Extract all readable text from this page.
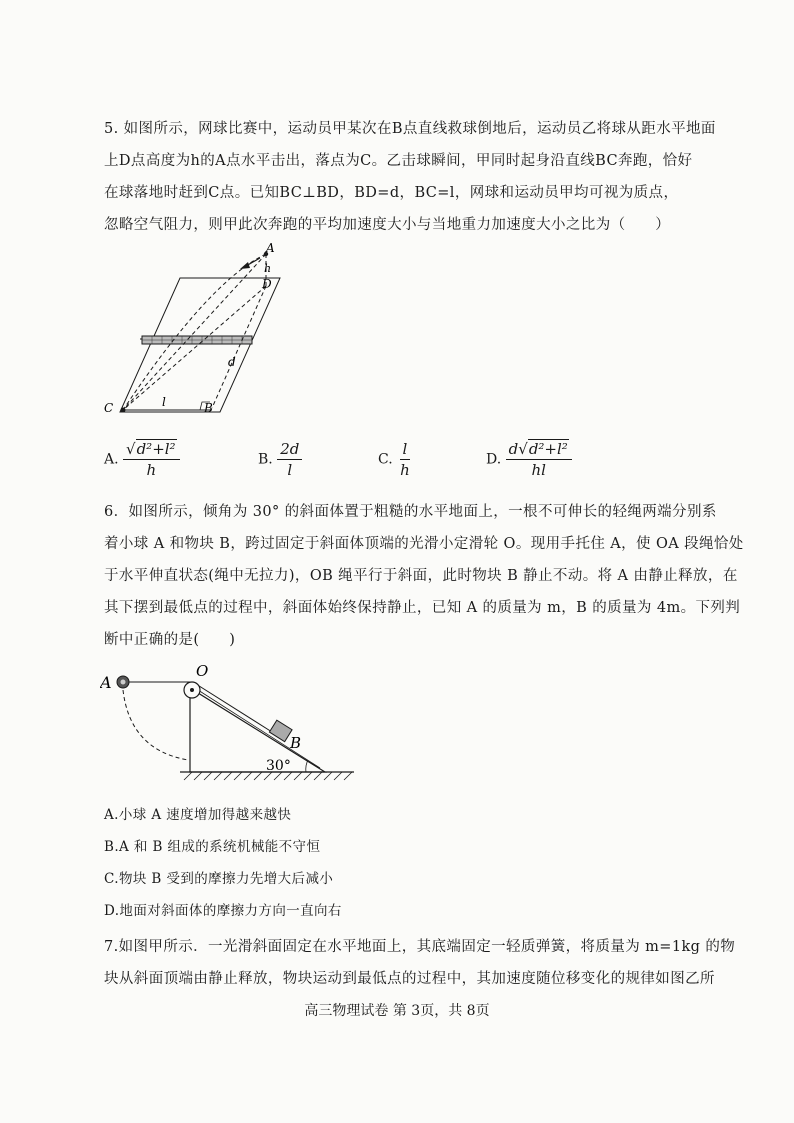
5. 如图所示，网球比赛中，运动员甲某次在B点直线救球倒地后，运动员乙将球从距水平地面
上D点高度为h的A点水平击出，落点为C。乙击球瞬间，甲同时起身沿直线BC奔跑，恰好
在球落地时赶到C点。已知BC⊥BD，BD=d，BC=l，网球和运动员甲均可视为质点，
忽略空气阻力，则甲此次奔跑的平均加速度大小与当地重力加速度大小之比为（　　）
A
h
D
d
C	l	B
A. $\frac{\text{√d²+l²}}{h}$	B. $\frac{2d}{l}$	C. $\frac{l}{h}$	D. $\frac{\text{d√d²+l²}}{hl}$
6．如图所示，倾角为 30° 的斜面体置于粗糙的水平地面上，一根不可伸长的轻绳两端分别系
着小球 A 和物块 B，跨过固定于斜面体顶端的光滑小定滑轮 O。现用手托住 A，使 OA 段绳恰处
于水平伸直状态(绳中无拉力)，OB 绳平行于斜面，此时物块 B 静止不动。将 A 由静止释放，在
其下摆到最低点的过程中，斜面体始终保持静止，已知 A 的质量为 m，B 的质量为 4m。下列判
断中正确的是(　　)
A
O
B
30°
A.小球 A 速度增加得越来越快
B.A 和 B 组成的系统机械能不守恒
C.物块 B 受到的摩擦力先增大后减小
D.地面对斜面体的摩擦力方向一直向右
7.如图甲所示．一光滑斜面固定在水平地面上，其底端固定一轻质弹簧，将质量为 m=1kg 的物
块从斜面顶端由静止释放，物块运动到最低点的过程中，其加速度随位移变化的规律如图乙所
高三物理试卷 第 3页，共 8页
